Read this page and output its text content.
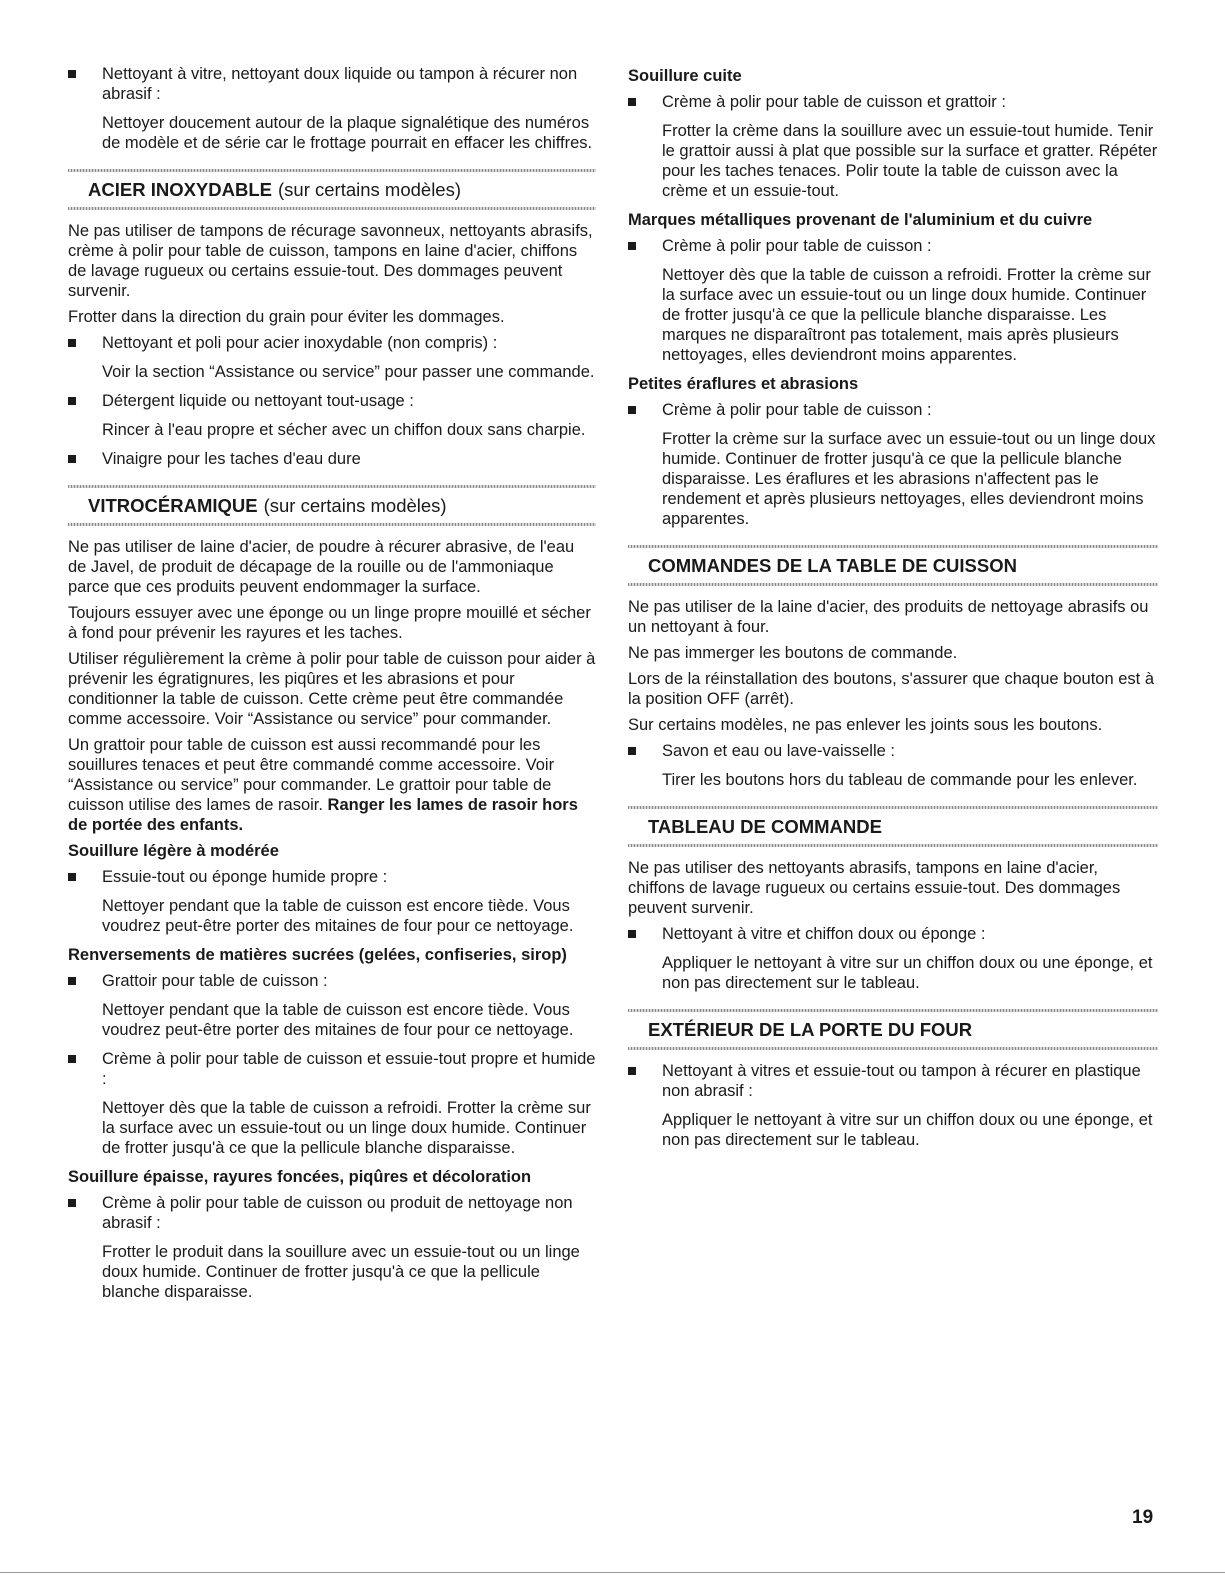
Nettoyant à vitre, nettoyant doux liquide ou tampon à récurer non abrasif :

Nettoyer doucement autour de la plaque signalétique des numéros de modèle et de série car le frottage pourrait en effacer les chiffres.

ACIER INOXYDABLE (sur certains modèles)

Ne pas utiliser de tampons de récurage savonneux, nettoyants abrasifs, crème à polir pour table de cuisson, tampons en laine d'acier, chiffons de lavage rugueux ou certains essuie-tout. Des dommages peuvent survenir.

Frotter dans la direction du grain pour éviter les dommages.

Nettoyant et poli pour acier inoxydable (non compris) :

Voir la section “Assistance ou service” pour passer une commande.

Détergent liquide ou nettoyant tout-usage :

Rincer à l'eau propre et sécher avec un chiffon doux sans charpie.

Vinaigre pour les taches d'eau dure
VITROCÉRAMIQUE (sur certains modèles)

Ne pas utiliser de laine d'acier, de poudre à récurer abrasive, de l'eau de Javel, de produit de décapage de la rouille ou de l'ammoniaque parce que ces produits peuvent endommager la surface.

Toujours essuyer avec une éponge ou un linge propre mouillé et sécher à fond pour prévenir les rayures et les taches.

Utiliser régulièrement la crème à polir pour table de cuisson pour aider à prévenir les égratignures, les piqûres et les abrasions et pour conditionner la table de cuisson. Cette crème peut être commandée comme accessoire. Voir “Assistance ou service” pour commander.

Un grattoir pour table de cuisson est aussi recommandé pour les souillures tenaces et peut être commandé comme accessoire. Voir “Assistance ou service” pour commander. Le grattoir pour table de cuisson utilise des lames de rasoir. Ranger les lames de rasoir hors de portée des enfants.

Souillure légère à modérée
Essuie-tout ou éponge humide propre :

Nettoyer pendant que la table de cuisson est encore tiède. Vous voudrez peut-être porter des mitaines de four pour ce nettoyage.

Renversements de matières sucrées (gelées, confiseries, sirop)
Grattoir pour table de cuisson :

Nettoyer pendant que la table de cuisson est encore tiède. Vous voudrez peut-être porter des mitaines de four pour ce nettoyage.

Crème à polir pour table de cuisson et essuie-tout propre et humide :

Nettoyer dès que la table de cuisson a refroidi. Frotter la crème sur la surface avec un essuie-tout ou un linge doux humide. Continuer de frotter jusqu'à ce que la pellicule blanche disparaisse.

Souillure épaisse, rayures foncées, piqûres et décoloration
Crème à polir pour table de cuisson ou produit de nettoyage non abrasif :

Frotter le produit dans la souillure avec un essuie-tout ou un linge doux humide. Continuer de frotter jusqu'à ce que la pellicule blanche disparaisse.

Souillure cuite
Crème à polir pour table de cuisson et grattoir :

Frotter la crème dans la souillure avec un essuie-tout humide. Tenir le grattoir aussi à plat que possible sur la surface et gratter. Répéter pour les taches tenaces. Polir toute la table de cuisson avec la crème et un essuie-tout.

Marques métalliques provenant de l'aluminium et du cuivre
Crème à polir pour table de cuisson :

Nettoyer dès que la table de cuisson a refroidi. Frotter la crème sur la surface avec un essuie-tout ou un linge doux humide. Continuer de frotter jusqu'à ce que la pellicule blanche disparaisse. Les marques ne disparaîtront pas totalement, mais après plusieurs nettoyages, elles deviendront moins apparentes.

Petites éraflures et abrasions
Crème à polir pour table de cuisson :

Frotter la crème sur la surface avec un essuie-tout ou un linge doux humide. Continuer de frotter jusqu'à ce que la pellicule blanche disparaisse. Les éraflures et les abrasions n'affectent pas le rendement et après plusieurs nettoyages, elles deviendront moins apparentes.

COMMANDES DE LA TABLE DE CUISSON

Ne pas utiliser de la laine d'acier, des produits de nettoyage abrasifs ou un nettoyant à four.

Ne pas immerger les boutons de commande.

Lors de la réinstallation des boutons, s'assurer que chaque bouton est à la position OFF (arrêt).

Sur certains modèles, ne pas enlever les joints sous les boutons.

Savon et eau ou lave-vaisselle :

Tirer les boutons hors du tableau de commande pour les enlever.

TABLEAU DE COMMANDE

Ne pas utiliser des nettoyants abrasifs, tampons en laine d'acier, chiffons de lavage rugueux ou certains essuie-tout. Des dommages peuvent survenir.

Nettoyant à vitre et chiffon doux ou éponge :

Appliquer le nettoyant à vitre sur un chiffon doux ou une éponge, et non pas directement sur le tableau.

EXTÉRIEUR DE LA PORTE DU FOUR
Nettoyant à vitres et essuie-tout ou tampon à récurer en plastique non abrasif :

Appliquer le nettoyant à vitre sur un chiffon doux ou une éponge, et non pas directement sur le tableau.

19
